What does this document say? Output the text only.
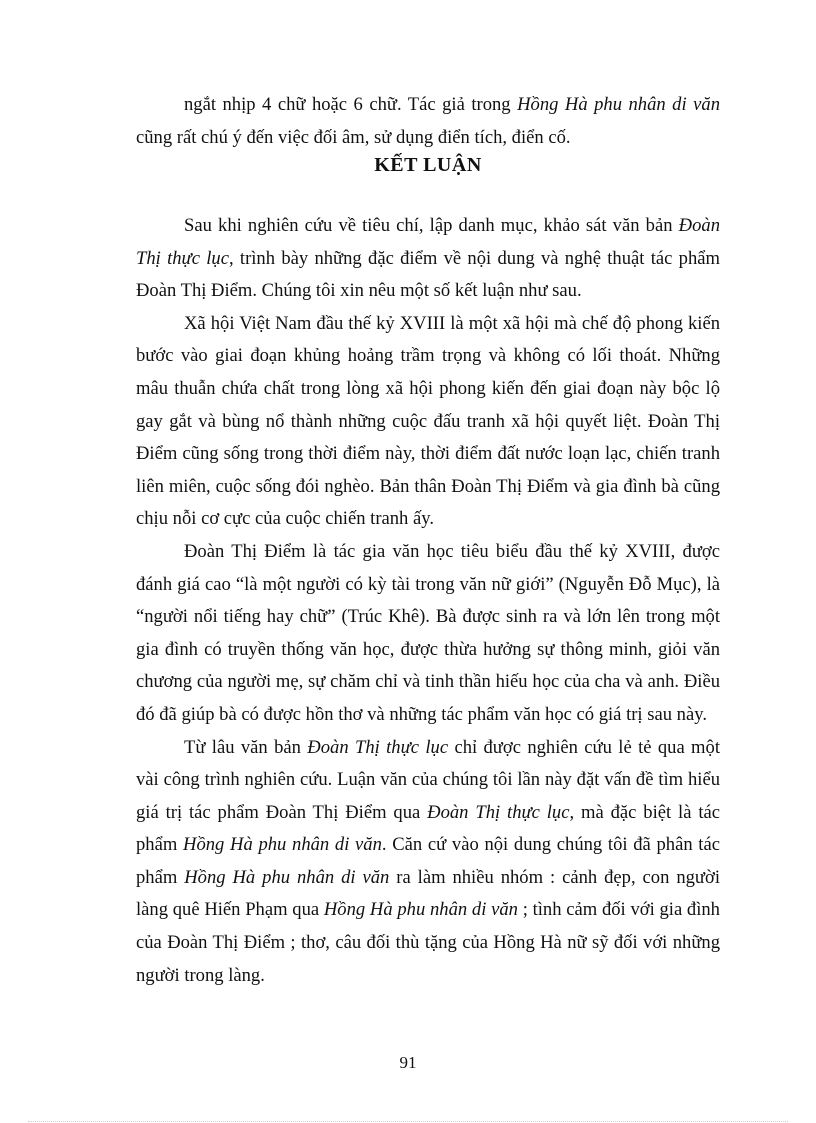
ngắt nhịp 4 chữ hoặc 6 chữ. Tác giả trong Hồng Hà phu nhân di văn cũng rất chú ý đến việc đối âm, sử dụng điển tích, điển cố.

KẾT LUẬN

Sau khi nghiên cứu về tiêu chí, lập danh mục, khảo sát văn bản Đoàn Thị thực lục, trình bày những đặc điểm về nội dung và nghệ thuật tác phẩm Đoàn Thị Điểm. Chúng tôi xin nêu một số kết luận như sau.

Xã hội Việt Nam đầu thế kỷ XVIII là một xã hội mà chế độ phong kiến bước vào giai đoạn khủng hoảng trầm trọng và không có lối thoát. Những mâu thuẫn chứa chất trong lòng xã hội phong kiến đến giai đoạn này bộc lộ gay gắt và bùng nổ thành những cuộc đấu tranh xã hội quyết liệt. Đoàn Thị Điểm cũng sống trong thời điểm này, thời điểm đất nước loạn lạc, chiến tranh liên miên, cuộc sống đói nghèo. Bản thân Đoàn Thị Điểm và gia đình bà cũng chịu nỗi cơ cực của cuộc chiến tranh ấy.

Đoàn Thị Điểm là tác gia văn học tiêu biểu đầu thế kỷ XVIII, được đánh giá cao “là một người có kỳ tài trong văn nữ giới” (Nguyễn Đỗ Mục), là “người nổi tiếng hay chữ” (Trúc Khê). Bà được sinh ra và lớn lên trong một gia đình có truyền thống văn học, được thừa hưởng sự thông minh, giỏi văn chương của người mẹ, sự chăm chỉ và tinh thần hiếu học của cha và anh. Điều đó đã giúp bà có được hồn thơ và những tác phẩm văn học có giá trị sau này.

Từ lâu văn bản Đoàn Thị thực lục chỉ được nghiên cứu lẻ tẻ qua một vài công trình nghiên cứu. Luận văn của chúng tôi lần này đặt vấn đề tìm hiểu giá trị tác phẩm Đoàn Thị Điểm qua Đoàn Thị thực lục, mà đặc biệt là tác phẩm Hồng Hà phu nhân di văn. Căn cứ vào nội dung chúng tôi đã phân tác phẩm Hồng Hà phu nhân di văn ra làm nhiều nhóm : cảnh đẹp, con người làng quê Hiến Phạm qua Hồng Hà phu nhân di văn ; tình cảm đối với gia đình của Đoàn Thị Điểm ; thơ, câu đối thù tặng của Hồng Hà nữ sỹ đối với những người trong làng.

91
